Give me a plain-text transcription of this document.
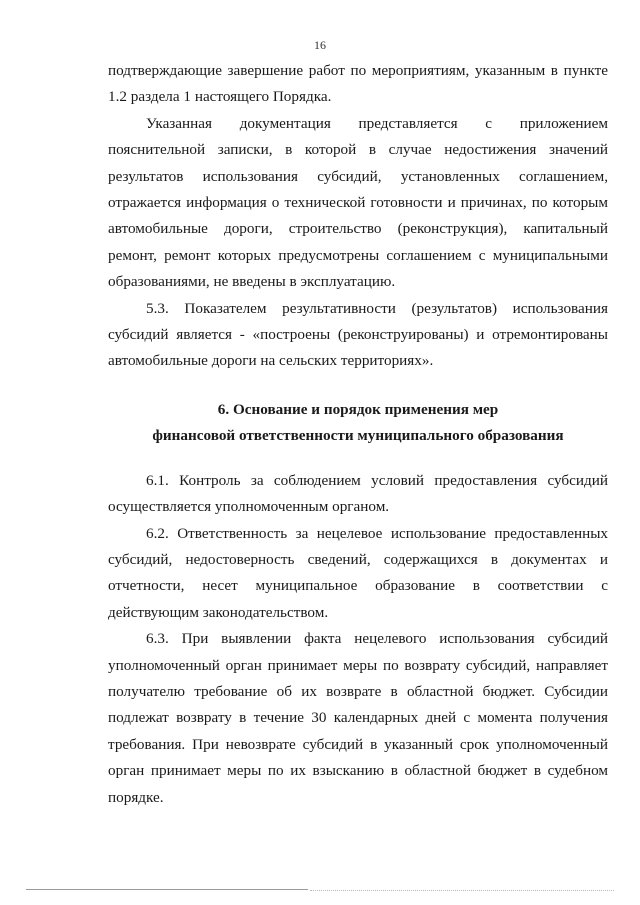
16

подтверждающие завершение работ по мероприятиям, указанным в пункте 1.2 раздела 1 настоящего Порядка.

Указанная документация представляется с приложением пояснительной записки, в которой в случае недостижения значений результатов использования субсидий, установленных соглашением, отражается информация о технической готовности и причинах, по которым автомобильные дороги, строительство (реконструкция), капитальный ремонт, ремонт которых предусмотрены соглашением с муниципальными образованиями, не введены в эксплуатацию.

5.3. Показателем результативности (результатов) использования субсидий является - «построены (реконструированы) и отремонтированы автомобильные дороги на сельских территориях».

6. Основание и порядок применения мер

финансовой ответственности муниципального образования

6.1. Контроль за соблюдением условий предоставления субсидий осуществляется уполномоченным органом.

6.2. Ответственность за нецелевое использование предоставленных субсидий, недостоверность сведений, содержащихся в документах и отчетности, несет муниципальное образование в соответствии с действующим законодательством.

6.3. При выявлении факта нецелевого использования субсидий уполномоченный орган принимает меры по возврату субсидий, направляет получателю требование об их возврате в областной бюджет. Субсидии подлежат возврату в течение 30 календарных дней с момента получения требования. При невозврате субсидий в указанный срок уполномоченный орган принимает меры по их взысканию в областной бюджет в судебном порядке.
